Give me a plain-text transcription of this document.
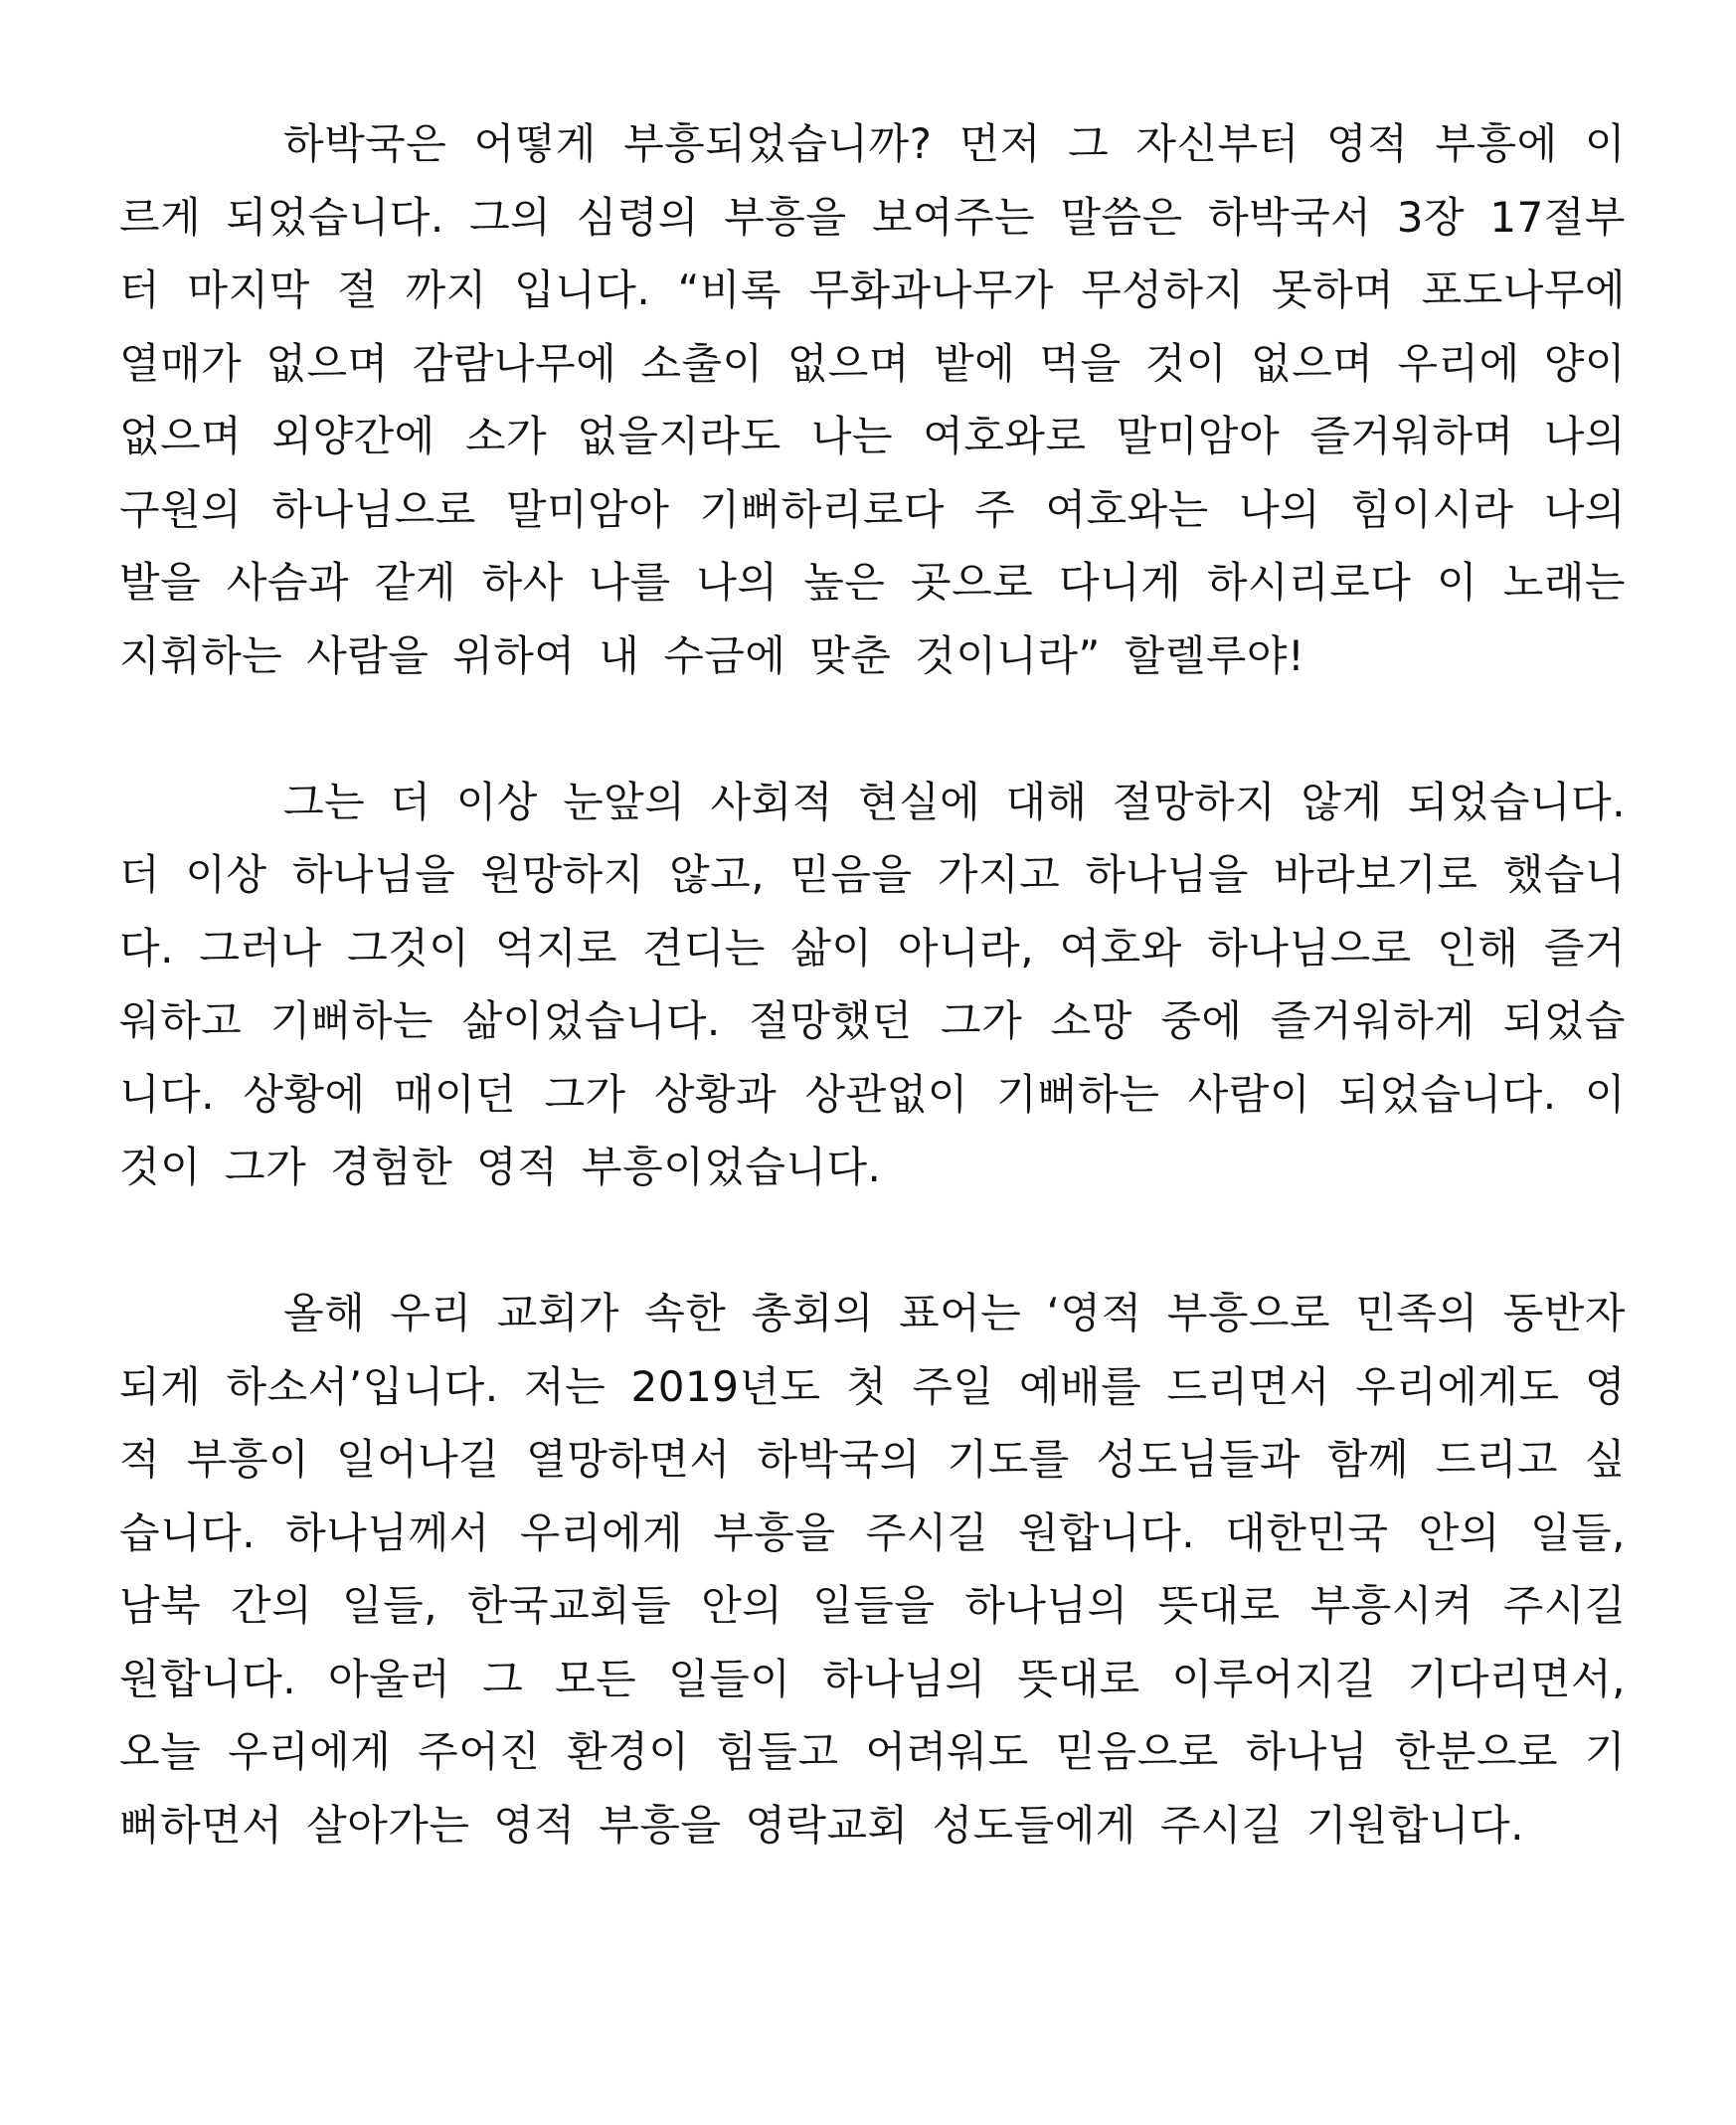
하박국은 어떻게 부흥되었습니까? 먼저 그 자신부터 영적 부흥에 이르게 되었습니다. 그의 심령의 부흥을 보여주는 말씀은 하박국서 3장 17절부터 마지막 절 까지 입니다. “비록 무화과나무가 무성하지 못하며 포도나무에 열매가 없으며 감람나무에 소출이 없으며 밭에 먹을 것이 없으며 우리에 양이 없으며 외양간에 소가 없을지라도 나는 여호와로 말미암아 즐거워하며 나의 구원의 하나님으로 말미암아 기뻐하리로다 주 여호와는 나의 힘이시라 나의 발을 사슴과 같게 하사 나를 나의 높은 곳으로 다니게 하시리로다 이 노래는 지휘하는 사람을 위하여 내 수금에 맞춘 것이니라” 할렐루야!

그는 더 이상 눈앞의 사회적 현실에 대해 절망하지 않게 되었습니다. 더 이상 하나님을 원망하지 않고, 믿음을 가지고 하나님을 바라보기로 했습니다. 그러나 그것이 억지로 견디는 삶이 아니라, 여호와 하나님으로 인해 즐거워하고 기뻐하는 삶이었습니다. 절망했던 그가 소망 중에 즐거워하게 되었습니다. 상황에 매이던 그가 상황과 상관없이 기뻐하는 사람이 되었습니다. 이것이 그가 경험한 영적 부흥이었습니다.

올해 우리 교회가 속한 총회의 표어는 ‘영적 부흥으로 민족의 동반자 되게 하소서’입니다. 저는 2019년도 첫 주일 예배를 드리면서 우리에게도 영적 부흥이 일어나길 열망하면서 하박국의 기도를 성도님들과 함께 드리고 싶습니다. 하나님께서 우리에게 부흥을 주시길 원합니다. 대한민국 안의 일들, 남북 간의 일들, 한국교회들 안의 일들을 하나님의 뜻대로 부흥시켜 주시길 원합니다. 아울러 그 모든 일들이 하나님의 뜻대로 이루어지길 기다리면서, 오늘 우리에게 주어진 환경이 힘들고 어려워도 믿음으로 하나님 한분으로 기뻐하면서 살아가는 영적 부흥을 영락교회 성도들에게 주시길 기원합니다.
